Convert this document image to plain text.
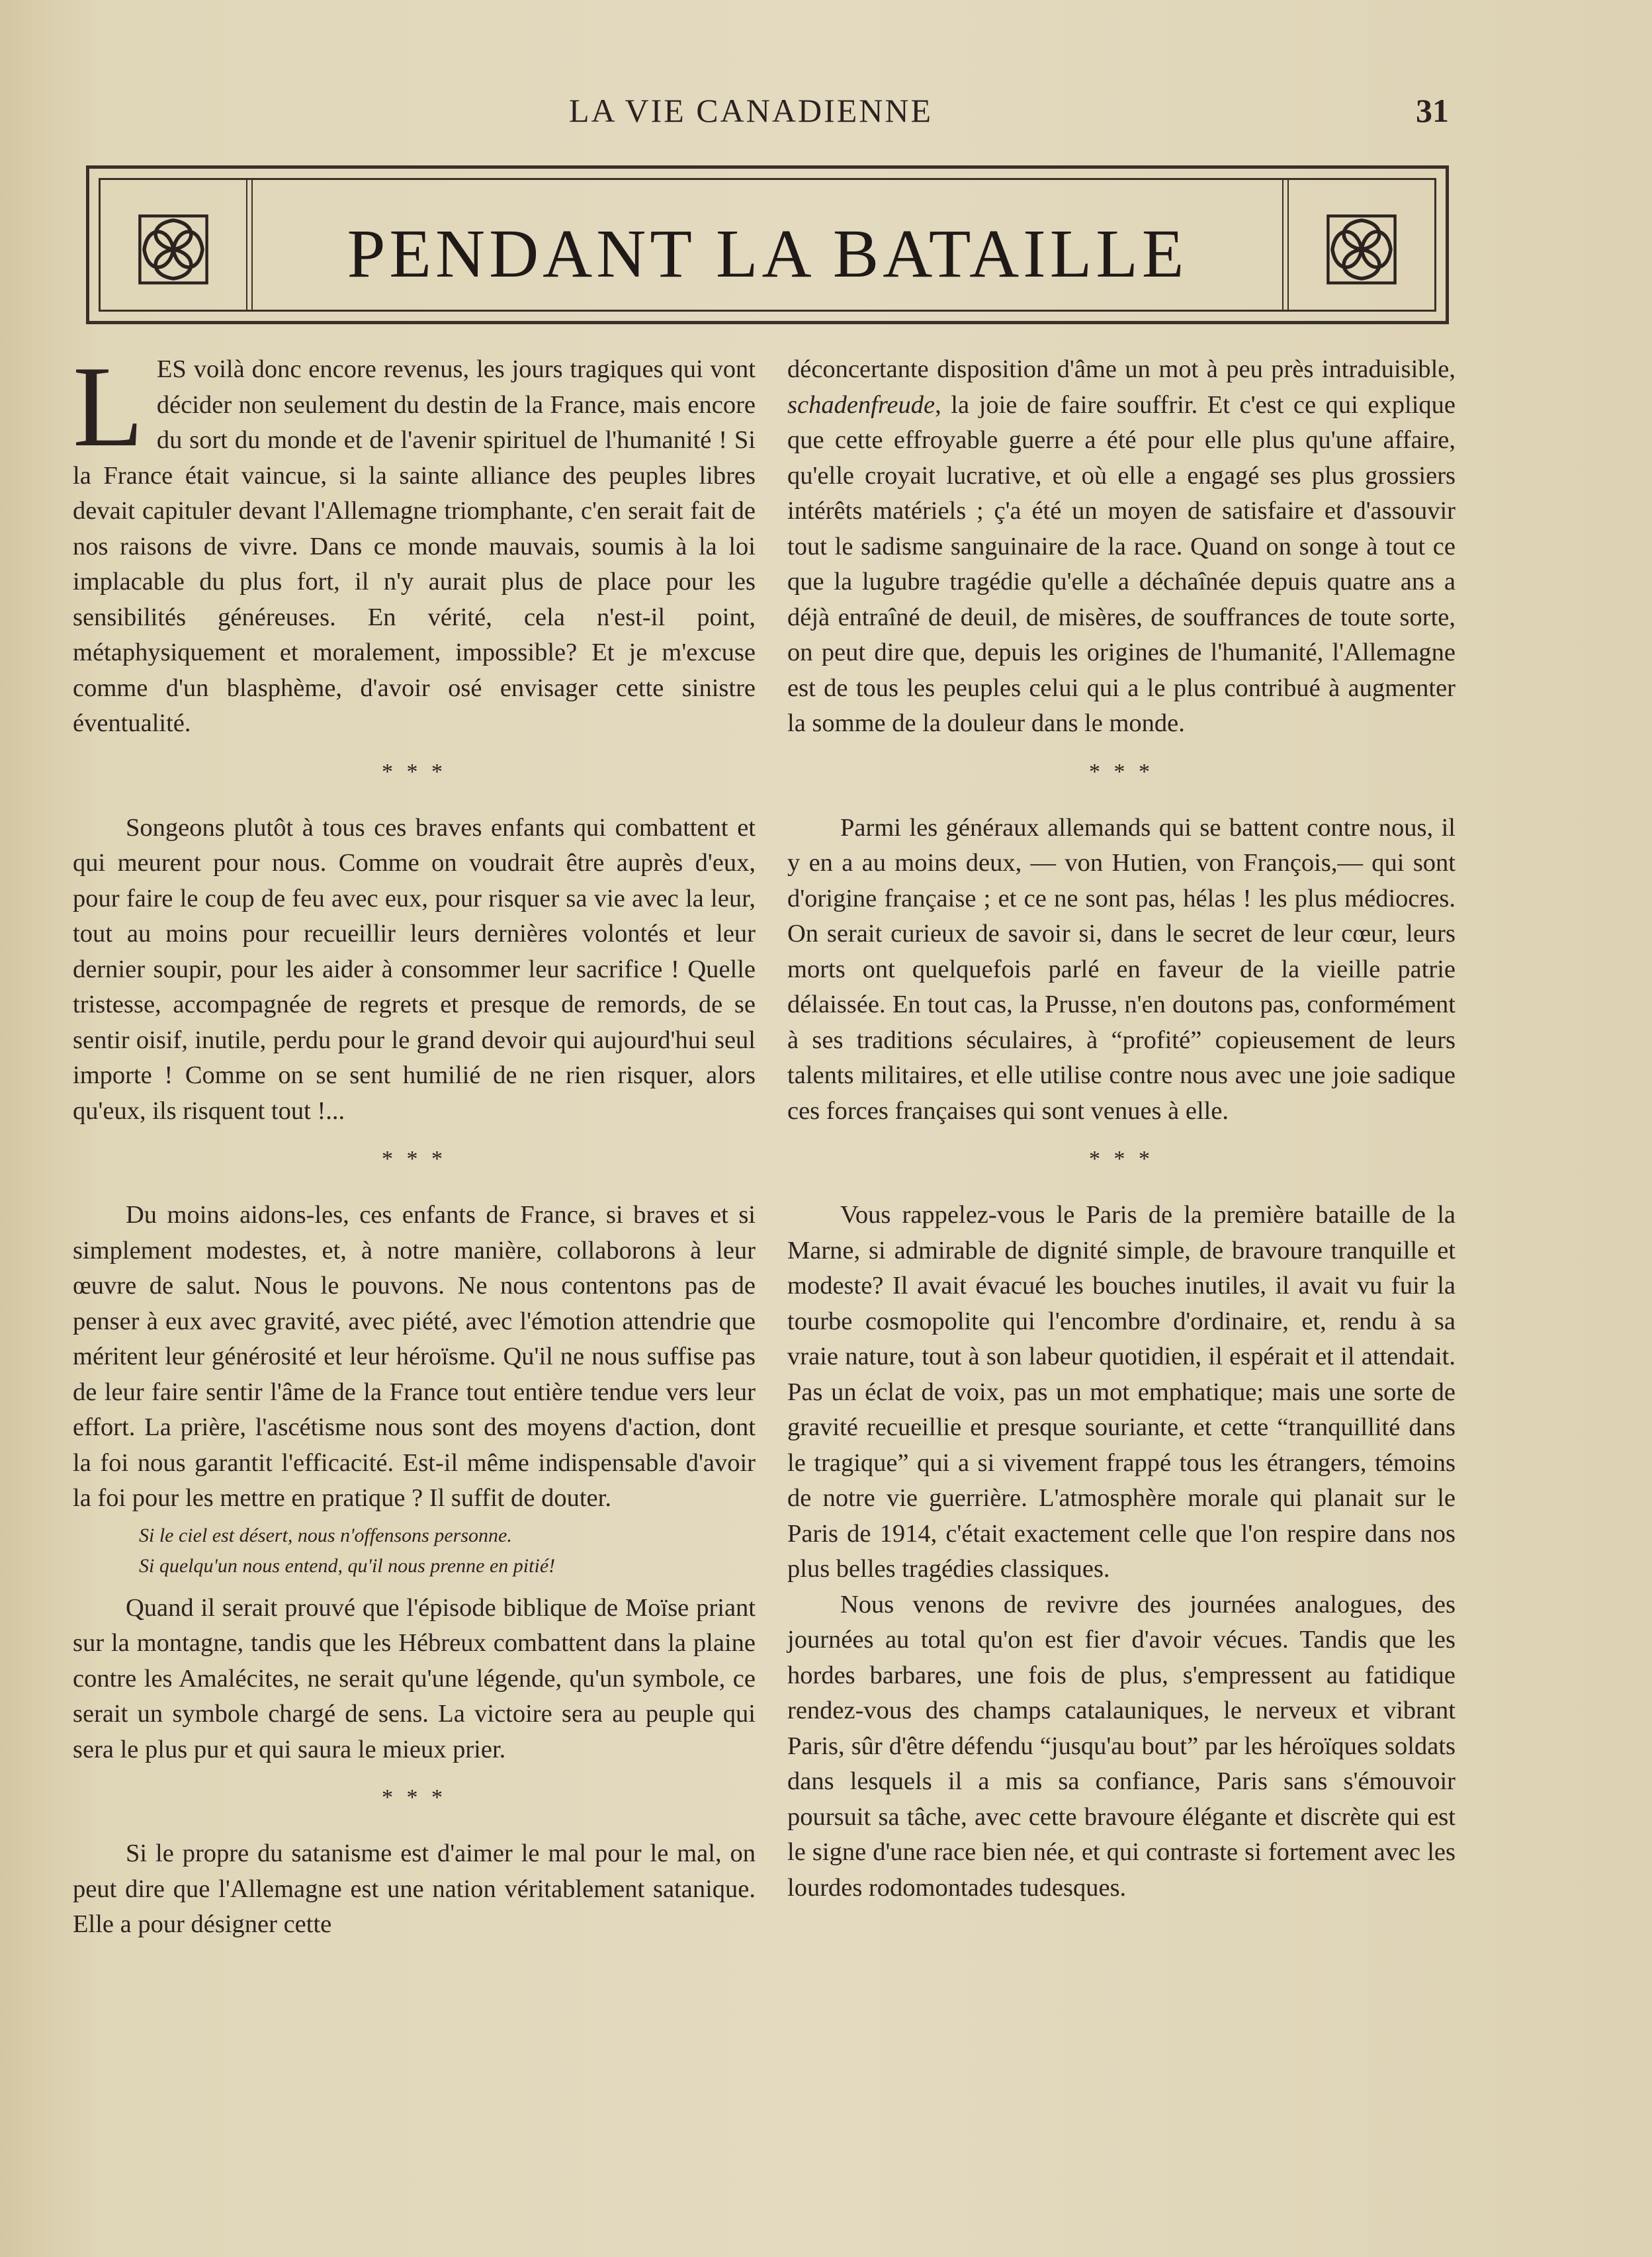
LA VIE CANADIENNE	31
PENDANT LA BATAILLE

LES voilà donc encore revenus, les jours tragiques qui vont décider non seulement du destin de la France, mais encore du sort du monde et de l'avenir spirituel de l'humanité ! Si la France était vaincue, si la sainte alliance des peuples libres devait capituler devant l'Allemagne triomphante, c'en serait fait de nos raisons de vivre. Dans ce monde mauvais, soumis à la loi implacable du plus fort, il n'y aurait plus de place pour les sensibilités généreuses. En vérité, cela n'est-il point, métaphysiquement et moralement, impossible? Et je m'excuse comme d'un blasphème, d'avoir osé envisager cette sinistre éventualité.

* * *

Songeons plutôt à tous ces braves enfants qui combattent et qui meurent pour nous. Comme on voudrait être auprès d'eux, pour faire le coup de feu avec eux, pour risquer sa vie avec la leur, tout au moins pour recueillir leurs dernières volontés et leur dernier soupir, pour les aider à consommer leur sacrifice ! Quelle tristesse, accompagnée de regrets et presque de remords, de se sentir oisif, inutile, perdu pour le grand devoir qui aujourd'hui seul importe ! Comme on se sent humilié de ne rien risquer, alors qu'eux, ils risquent tout !...

* * *

Du moins aidons-les, ces enfants de France, si braves et si simplement modestes, et, à notre manière, collaborons à leur œuvre de salut. Nous le pouvons. Ne nous contentons pas de penser à eux avec gravité, avec piété, avec l'émotion attendrie que méritent leur générosité et leur héroïsme. Qu'il ne nous suffise pas de leur faire sentir l'âme de la France tout entière tendue vers leur effort. La prière, l'ascétisme nous sont des moyens d'action, dont la foi nous garantit l'efficacité. Est-il même indispensable d'avoir la foi pour les mettre en pratique ? Il suffit de douter.

Si le ciel est désert, nous n'offensons personne.
Si quelqu'un nous entend, qu'il nous prenne en pitié!

Quand il serait prouvé que l'épisode biblique de Moïse priant sur la montagne, tandis que les Hébreux combattent dans la plaine contre les Amalécites, ne serait qu'une légende, qu'un symbole, ce serait un symbole chargé de sens. La victoire sera au peuple qui sera le plus pur et qui saura le mieux prier.

* * *

Si le propre du satanisme est d'aimer le mal pour le mal, on peut dire que l'Allemagne est une nation véritablement satanique. Elle a pour désigner cette

déconcertante disposition d'âme un mot à peu près intraduisible, schadenfreude, la joie de faire souffrir. Et c'est ce qui explique que cette effroyable guerre a été pour elle plus qu'une affaire, qu'elle croyait lucrative, et où elle a engagé ses plus grossiers intérêts matériels ; ç'a été un moyen de satisfaire et d'assouvir tout le sadisme sanguinaire de la race. Quand on songe à tout ce que la lugubre tragédie qu'elle a déchaînée depuis quatre ans a déjà entraîné de deuil, de misères, de souffrances de toute sorte, on peut dire que, depuis les origines de l'humanité, l'Allemagne est de tous les peuples celui qui a le plus contribué à augmenter la somme de la douleur dans le monde.

* * *

Parmi les généraux allemands qui se battent contre nous, il y en a au moins deux, — von Hutien, von François,— qui sont d'origine française ; et ce ne sont pas, hélas ! les plus médiocres. On serait curieux de savoir si, dans le secret de leur cœur, leurs morts ont quelquefois parlé en faveur de la vieille patrie délaissée. En tout cas, la Prusse, n'en doutons pas, conformément à ses traditions séculaires, à “profité” copieusement de leurs talents militaires, et elle utilise contre nous avec une joie sadique ces forces françaises qui sont venues à elle.

* * *

Vous rappelez-vous le Paris de la première bataille de la Marne, si admirable de dignité simple, de bravoure tranquille et modeste? Il avait évacué les bouches inutiles, il avait vu fuir la tourbe cosmopolite qui l'encombre d'ordinaire, et, rendu à sa vraie nature, tout à son labeur quotidien, il espérait et il attendait. Pas un éclat de voix, pas un mot emphatique; mais une sorte de gravité recueillie et presque souriante, et cette “tranquillité dans le tragique” qui a si vivement frappé tous les étrangers, témoins de notre vie guerrière. L'atmosphère morale qui planait sur le Paris de 1914, c'était exactement celle que l'on respire dans nos plus belles tragédies classiques.

Nous venons de revivre des journées analogues, des journées au total qu'on est fier d'avoir vécues. Tandis que les hordes barbares, une fois de plus, s'empressent au fatidique rendez-vous des champs catalauniques, le nerveux et vibrant Paris, sûr d'être défendu “jusqu'au bout” par les héroïques soldats dans lesquels il a mis sa confiance, Paris sans s'émouvoir poursuit sa tâche, avec cette bravoure élégante et discrète qui est le signe d'une race bien née, et qui contraste si fortement avec les lourdes rodomontades tudesques.
